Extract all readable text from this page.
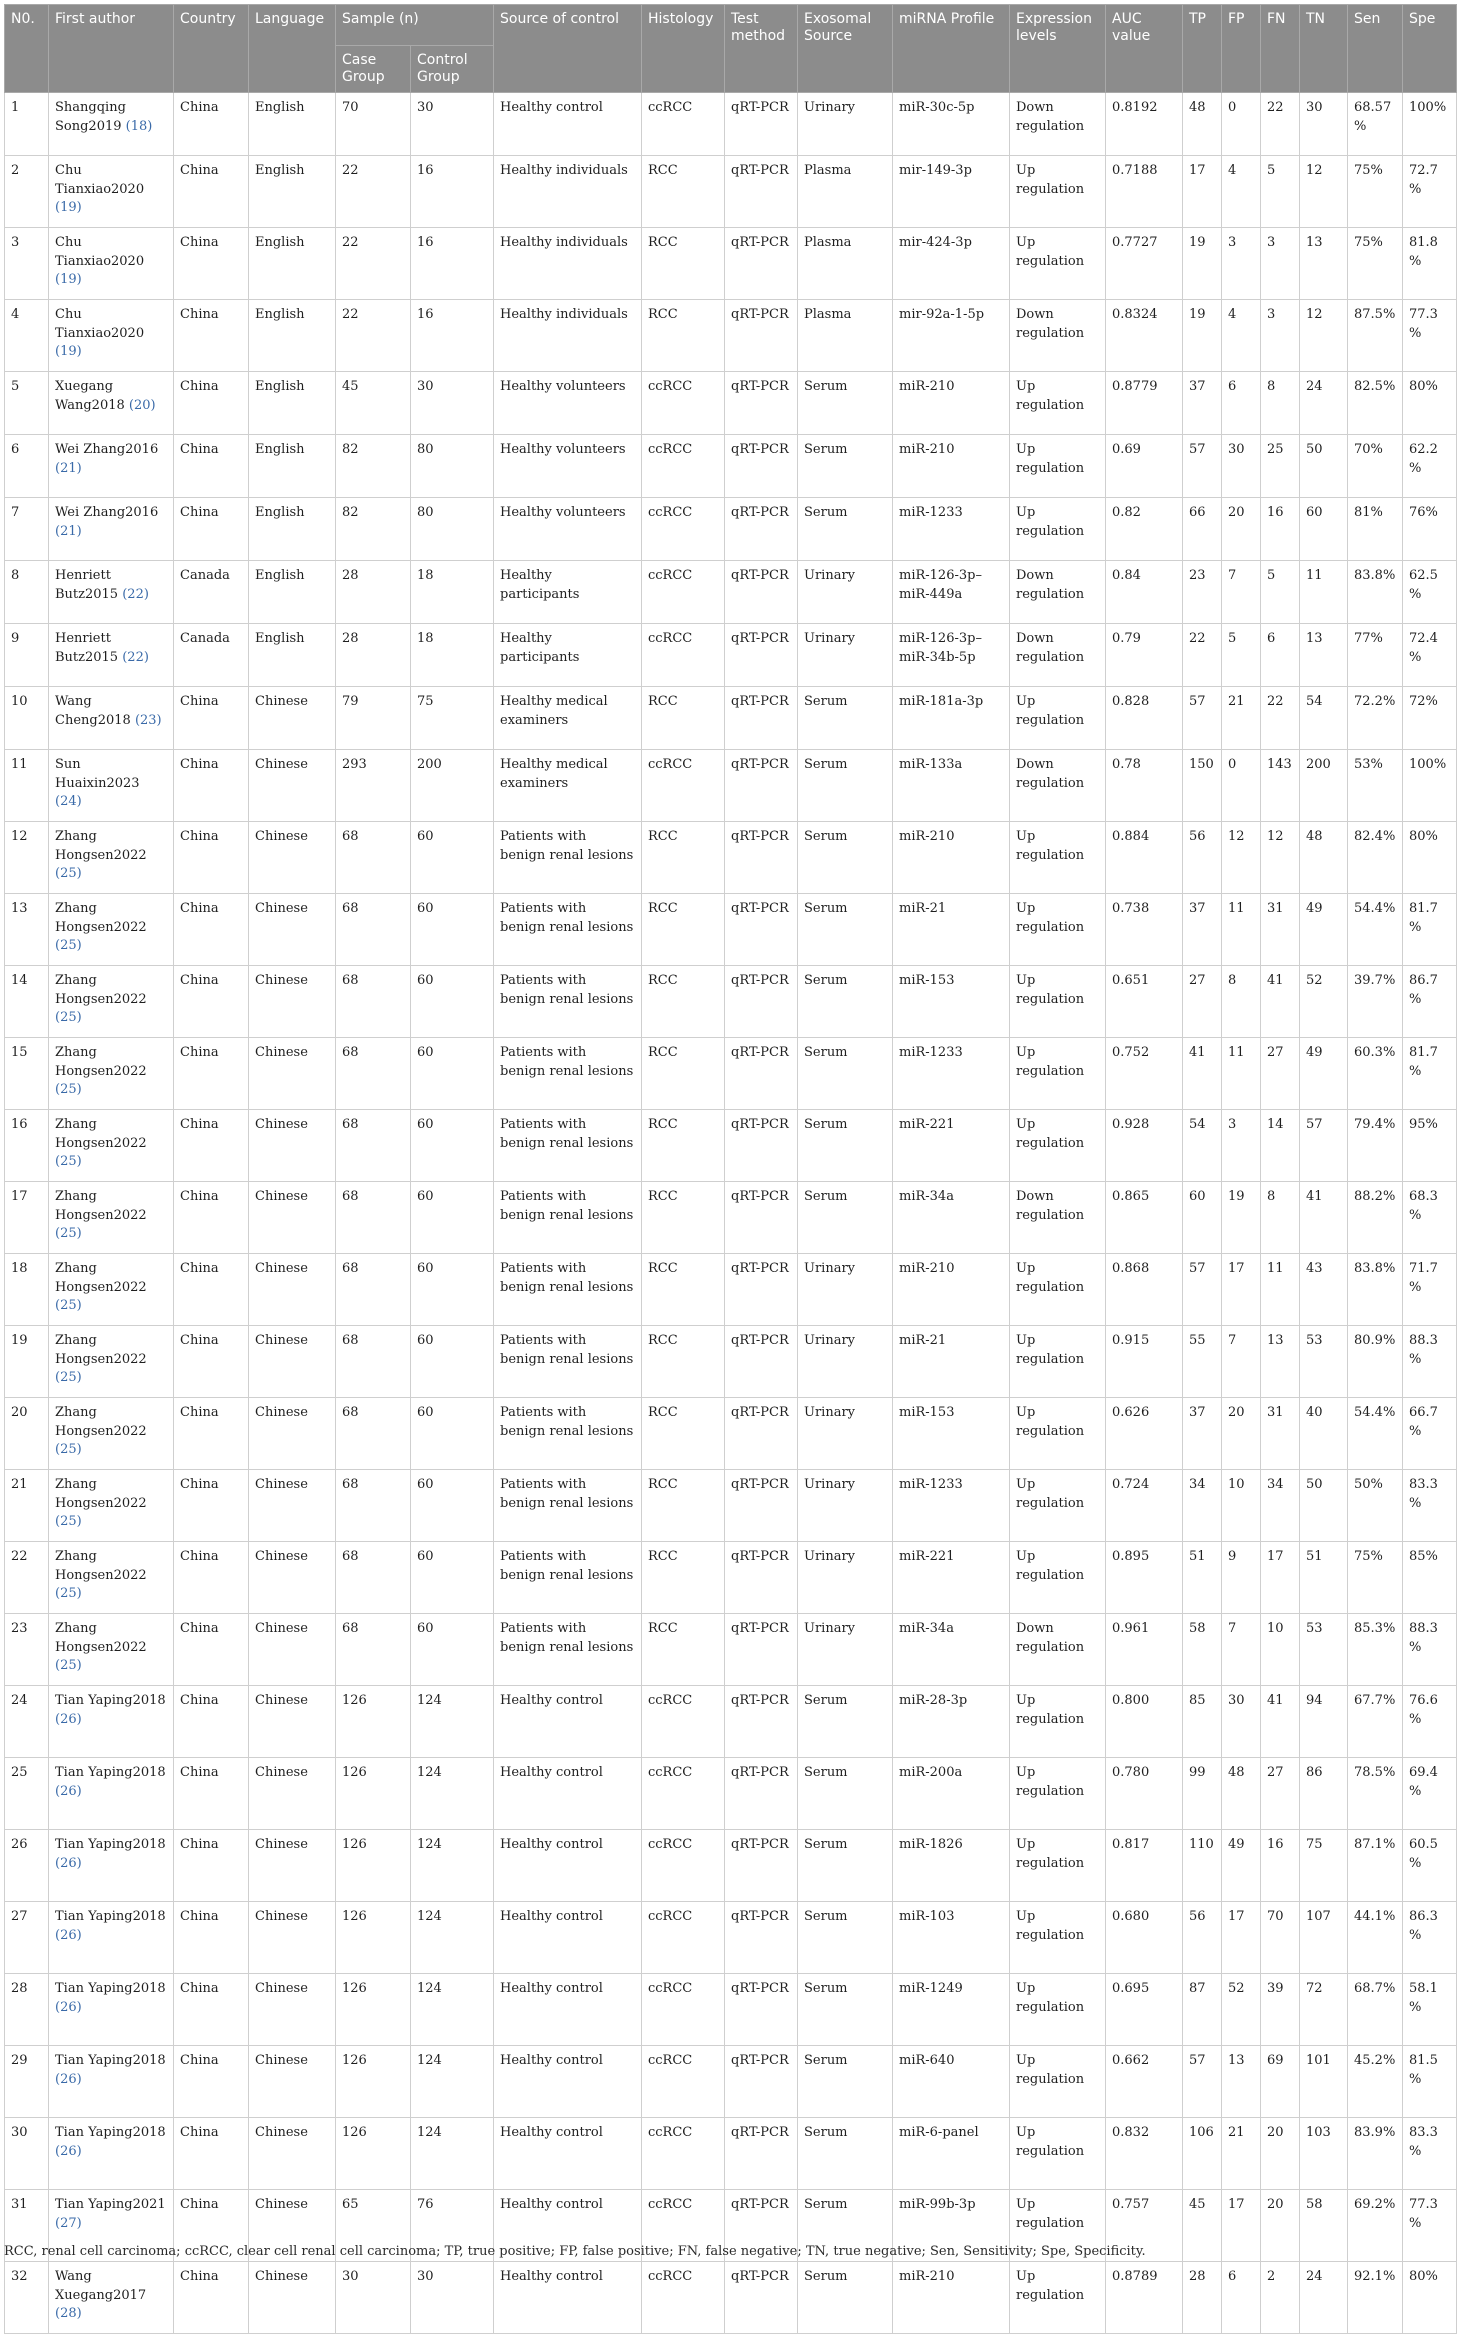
N0.	First author	Country	Language	Sample (n)		Source of control	Histology	Test method	Exosomal Source	miRNA Profile	Expression levels	AUC value	TP	FP	FN	TN	Sen	Spe
				Case Group	Control Group													
1	Shangqing Song2019 (18)	China	English	70	30	Healthy control	ccRCC	qRT-PCR	Urinary	miR-30c-5p	Down regulation	0.8192	48	0	22	30	68.57%	100%
2	Chu Tianxiao2020 (19)	China	English	22	16	Healthy individuals	RCC	qRT-PCR	Plasma	mir-149-3p	Up regulation	0.7188	17	4	5	12	75%	72.7%
3	Chu Tianxiao2020 (19)	China	English	22	16	Healthy individuals	RCC	qRT-PCR	Plasma	mir-424-3p	Up regulation	0.7727	19	3	3	13	75%	81.8%
4	Chu Tianxiao2020 (19)	China	English	22	16	Healthy individuals	RCC	qRT-PCR	Plasma	mir-92a-1-5p	Down regulation	0.8324	19	4	3	12	87.5%	77.3%
5	Xuegang Wang2018 (20)	China	English	45	30	Healthy volunteers	ccRCC	qRT-PCR	Serum	miR-210	Up regulation	0.8779	37	6	8	24	82.5%	80%
6	Wei Zhang2016 (21)	China	English	82	80	Healthy volunteers	ccRCC	qRT-PCR	Serum	miR-210	Up regulation	0.69	57	30	25	50	70%	62.2%
7	Wei Zhang2016 (21)	China	English	82	80	Healthy volunteers	ccRCC	qRT-PCR	Serum	miR-1233	Up regulation	0.82	66	20	16	60	81%	76%
8	Henriett Butz2015 (22)	Canada	English	28	18	Healthy participants	ccRCC	qRT-PCR	Urinary	miR-126-3p–miR-449a	Down regulation	0.84	23	7	5	11	83.8%	62.5%
9	Henriett Butz2015 (22)	Canada	English	28	18	Healthy participants	ccRCC	qRT-PCR	Urinary	miR-126-3p–miR-34b-5p	Down regulation	0.79	22	5	6	13	77%	72.4%
10	Wang Cheng2018 (23)	China	Chinese	79	75	Healthy medical examiners	RCC	qRT-PCR	Serum	miR-181a-3p	Up regulation	0.828	57	21	22	54	72.2%	72%
11	Sun Huaixin2023 (24)	China	Chinese	293	200	Healthy medical examiners	ccRCC	qRT-PCR	Serum	miR-133a	Down regulation	0.78	150	0	143	200	53%	100%
12	Zhang Hongsen2022 (25)	China	Chinese	68	60	Patients with benign renal lesions	RCC	qRT-PCR	Serum	miR-210	Up regulation	0.884	56	12	12	48	82.4%	80%
13	Zhang Hongsen2022 (25)	China	Chinese	68	60	Patients with benign renal lesions	RCC	qRT-PCR	Serum	miR-21	Up regulation	0.738	37	11	31	49	54.4%	81.7%
14	Zhang Hongsen2022 (25)	China	Chinese	68	60	Patients with benign renal lesions	RCC	qRT-PCR	Serum	miR-153	Up regulation	0.651	27	8	41	52	39.7%	86.7%
15	Zhang Hongsen2022 (25)	China	Chinese	68	60	Patients with benign renal lesions	RCC	qRT-PCR	Serum	miR-1233	Up regulation	0.752	41	11	27	49	60.3%	81.7%
16	Zhang Hongsen2022 (25)	China	Chinese	68	60	Patients with benign renal lesions	RCC	qRT-PCR	Serum	miR-221	Up regulation	0.928	54	3	14	57	79.4%	95%
17	Zhang Hongsen2022 (25)	China	Chinese	68	60	Patients with benign renal lesions	RCC	qRT-PCR	Serum	miR-34a	Down regulation	0.865	60	19	8	41	88.2%	68.3%
18	Zhang Hongsen2022 (25)	China	Chinese	68	60	Patients with benign renal lesions	RCC	qRT-PCR	Urinary	miR-210	Up regulation	0.868	57	17	11	43	83.8%	71.7%
19	Zhang Hongsen2022 (25)	China	Chinese	68	60	Patients with benign renal lesions	RCC	qRT-PCR	Urinary	miR-21	Up regulation	0.915	55	7	13	53	80.9%	88.3%
20	Zhang Hongsen2022 (25)	China	Chinese	68	60	Patients with benign renal lesions	RCC	qRT-PCR	Urinary	miR-153	Up regulation	0.626	37	20	31	40	54.4%	66.7%
21	Zhang Hongsen2022 (25)	China	Chinese	68	60	Patients with benign renal lesions	RCC	qRT-PCR	Urinary	miR-1233	Up regulation	0.724	34	10	34	50	50%	83.3%
22	Zhang Hongsen2022 (25)	China	Chinese	68	60	Patients with benign renal lesions	RCC	qRT-PCR	Urinary	miR-221	Up regulation	0.895	51	9	17	51	75%	85%
23	Zhang Hongsen2022 (25)	China	Chinese	68	60	Patients with benign renal lesions	RCC	qRT-PCR	Urinary	miR-34a	Down regulation	0.961	58	7	10	53	85.3%	88.3%
24	Tian Yaping2018 (26)	China	Chinese	126	124	Healthy control	ccRCC	qRT-PCR	Serum	miR-28-3p	Up regulation	0.800	85	30	41	94	67.7%	76.6%
25	Tian Yaping2018 (26)	China	Chinese	126	124	Healthy control	ccRCC	qRT-PCR	Serum	miR-200a	Up regulation	0.780	99	48	27	86	78.5%	69.4%
26	Tian Yaping2018 (26)	China	Chinese	126	124	Healthy control	ccRCC	qRT-PCR	Serum	miR-1826	Up regulation	0.817	110	49	16	75	87.1%	60.5%
27	Tian Yaping2018 (26)	China	Chinese	126	124	Healthy control	ccRCC	qRT-PCR	Serum	miR-103	Up regulation	0.680	56	17	70	107	44.1%	86.3%
28	Tian Yaping2018 (26)	China	Chinese	126	124	Healthy control	ccRCC	qRT-PCR	Serum	miR-1249	Up regulation	0.695	87	52	39	72	68.7%	58.1%
29	Tian Yaping2018 (26)	China	Chinese	126	124	Healthy control	ccRCC	qRT-PCR	Serum	miR-640	Up regulation	0.662	57	13	69	101	45.2%	81.5%
30	Tian Yaping2018 (26)	China	Chinese	126	124	Healthy control	ccRCC	qRT-PCR	Serum	miR-6-panel	Up regulation	0.832	106	21	20	103	83.9%	83.3%
31	Tian Yaping2021 (27)	China	Chinese	65	76	Healthy control	ccRCC	qRT-PCR	Serum	miR-99b-3p	Up regulation	0.757	45	17	20	58	69.2%	77.3%
32	Wang Xuegang2017 (28)	China	Chinese	30	30	Healthy control	ccRCC	qRT-PCR	Serum	miR-210	Up regulation	0.8789	28	6	2	24	92.1%	80%
RCC, renal cell carcinoma; ccRCC, clear cell renal cell carcinoma; TP, true positive; FP, false positive; FN, false negative; TN, true negative; Sen, Sensitivity; Spe, Specificity.
